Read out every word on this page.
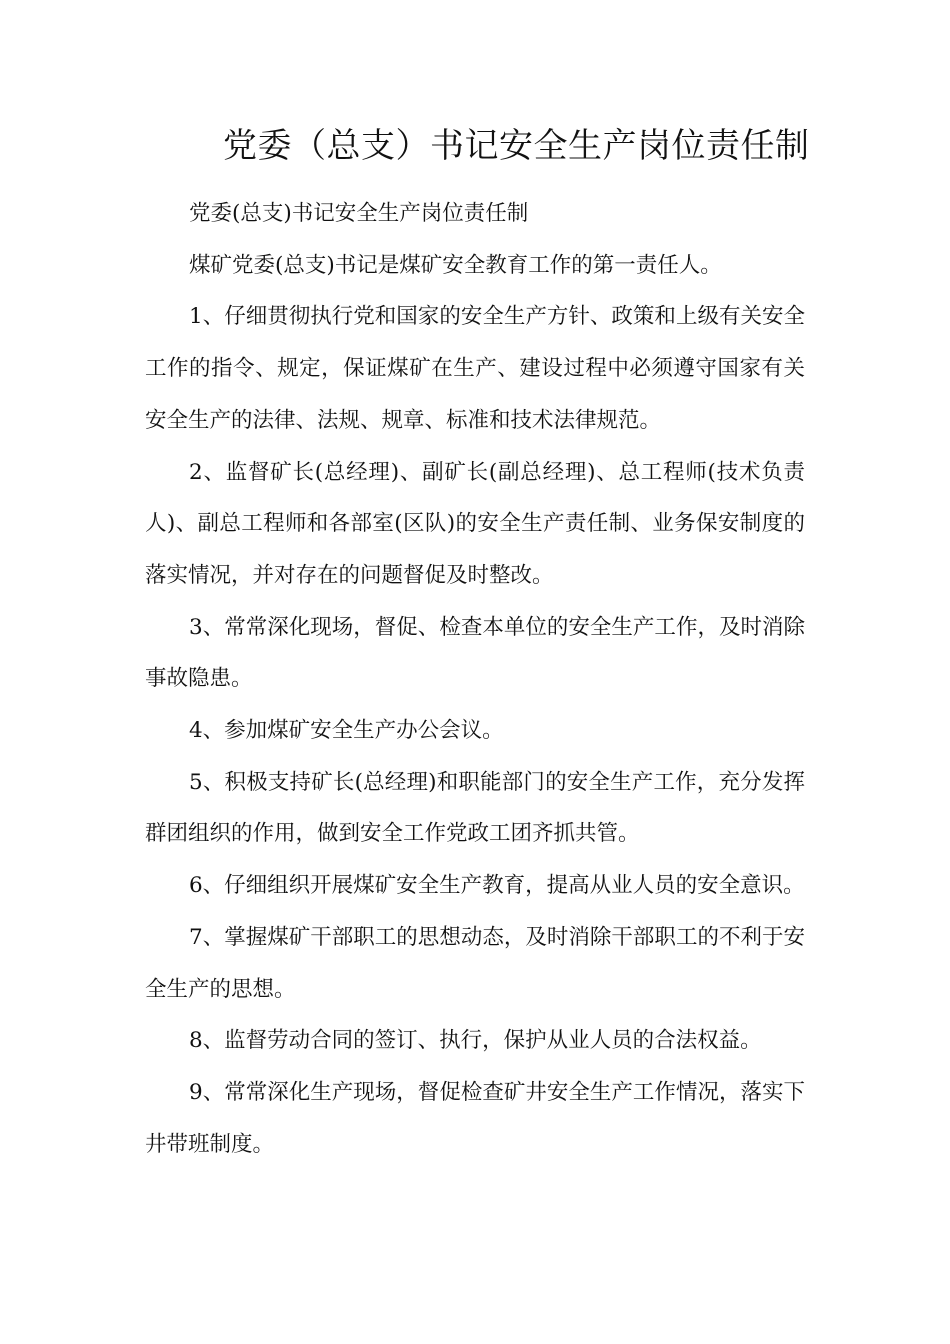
党委（总支）书记安全生产岗位责任制

党委(总支)书记安全生产岗位责任制

煤矿党委(总支)书记是煤矿安全教育工作的第一责任人。

1、仔细贯彻执行党和国家的安全生产方针、政策和上级有关安全工作的指令、规定，保证煤矿在生产、建设过程中必须遵守国家有关安全生产的法律、法规、规章、标准和技术法律规范。

2、监督矿长(总经理)、副矿长(副总经理)、总工程师(技术负责人)、副总工程师和各部室(区队)的安全生产责任制、业务保安制度的落实情况，并对存在的问题督促及时整改。

3、常常深化现场，督促、检查本单位的安全生产工作，及时消除事故隐患。

4、参加煤矿安全生产办公会议。

5、积极支持矿长(总经理)和职能部门的安全生产工作，充分发挥群团组织的作用，做到安全工作党政工团齐抓共管。

6、仔细组织开展煤矿安全生产教育，提高从业人员的安全意识。

7、掌握煤矿干部职工的思想动态，及时消除干部职工的不利于安全生产的思想。

8、监督劳动合同的签订、执行，保护从业人员的合法权益。

9、常常深化生产现场，督促检查矿井安全生产工作情况，落实下井带班制度。
